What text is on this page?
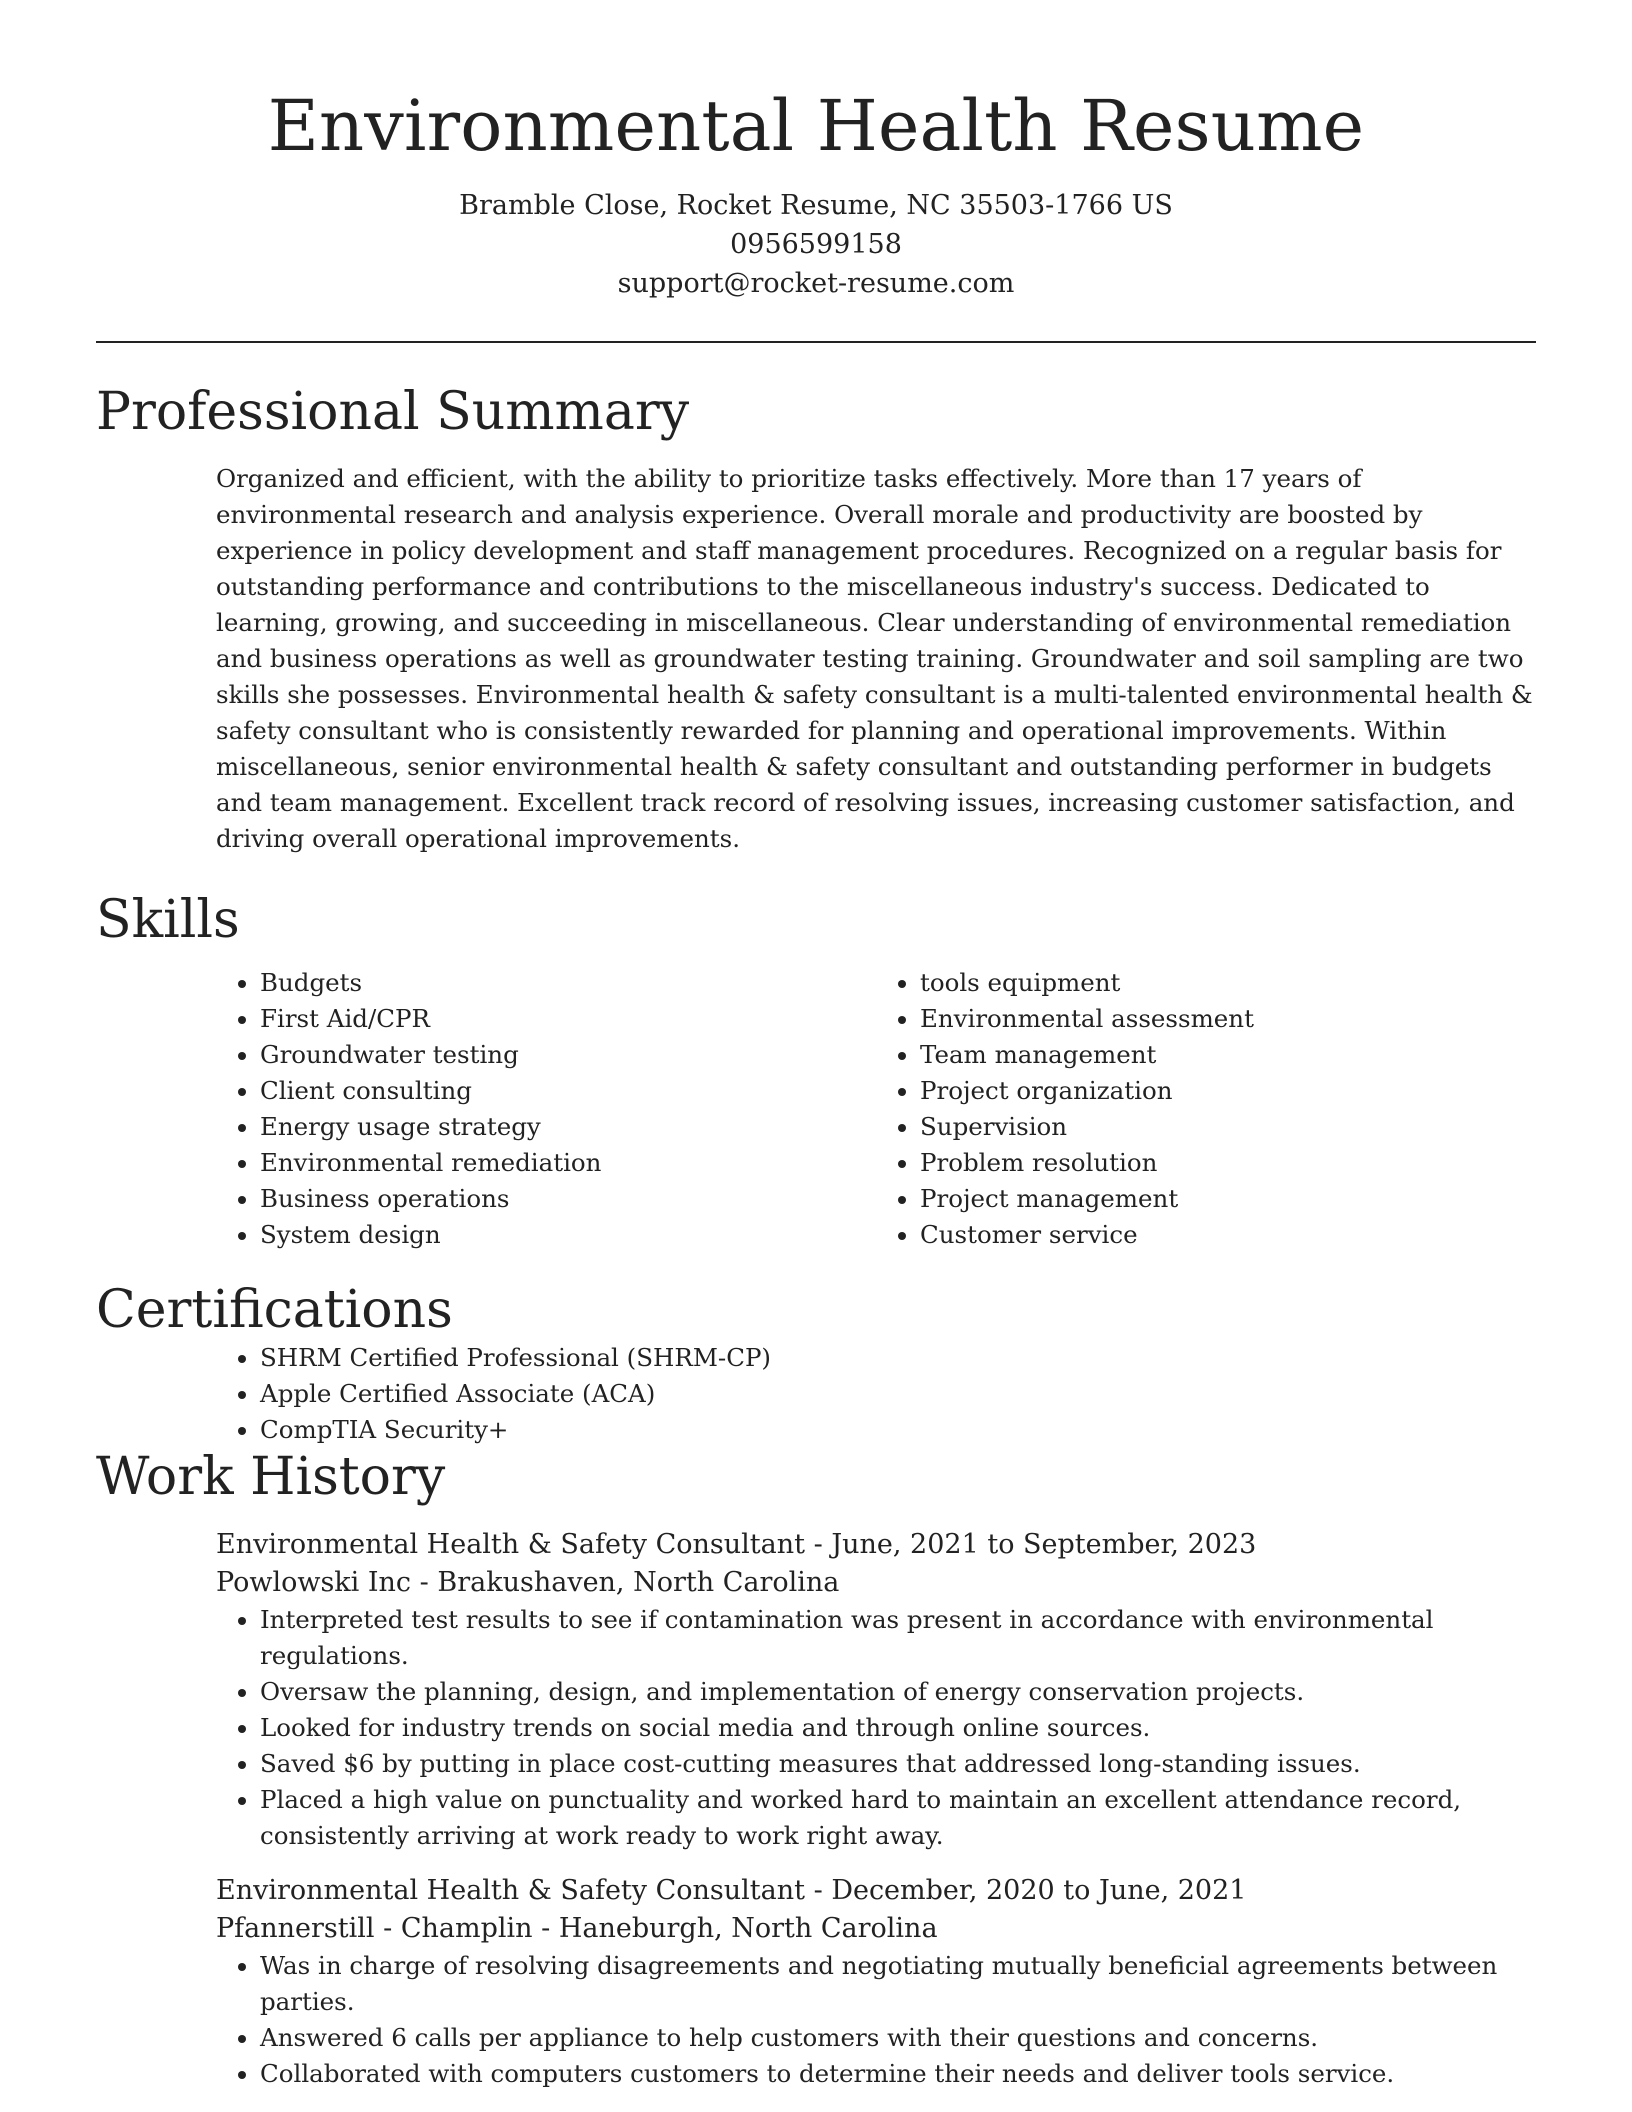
Environmental Health Resume
Bramble Close, Rocket Resume, NC 35503-1766 US
0956599158
support@rocket-resume.com
Professional Summary

Organized and efficient, with the ability to prioritize tasks effectively. More than 17 years of environmental research and analysis experience. Overall morale and productivity are boosted by experience in policy development and staff management procedures. Recognized on a regular basis for outstanding performance and contributions to the miscellaneous industry's success. Dedicated to learning, growing, and succeeding in miscellaneous. Clear understanding of environmental remediation and business operations as well as groundwater testing training. Groundwater and soil sampling are two skills she possesses. Environmental health & safety consultant is a multi-talented environmental health & safety consultant who is consistently rewarded for planning and operational improvements. Within miscellaneous, senior environmental health & safety consultant and outstanding performer in budgets and team management. Excellent track record of resolving issues, increasing customer satisfaction, and driving overall operational improvements.

Skills
• Budgets
• First Aid/CPR
• Groundwater testing
• Client consulting
• Energy usage strategy
• Environmental remediation
• Business operations
• System design
• tools equipment
• Environmental assessment
• Team management
• Project organization
• Supervision
• Problem resolution
• Project management
• Customer service
Certifications
• SHRM Certified Professional (SHRM-CP)
• Apple Certified Associate (ACA)
• CompTIA Security+
Work History
Environmental Health & Safety Consultant - June, 2021 to September, 2023
Powlowski Inc - Brakushaven, North Carolina
• Interpreted test results to see if contamination was present in accordance with environmental regulations.
• Oversaw the planning, design, and implementation of energy conservation projects.
• Looked for industry trends on social media and through online sources.
• Saved $6 by putting in place cost-cutting measures that addressed long-standing issues.
• Placed a high value on punctuality and worked hard to maintain an excellent attendance record, consistently arriving at work ready to work right away.
Environmental Health & Safety Consultant - December, 2020 to June, 2021
Pfannerstill - Champlin - Haneburgh, North Carolina
• Was in charge of resolving disagreements and negotiating mutually beneficial agreements between parties.
• Answered 6 calls per appliance to help customers with their questions and concerns.
• Collaborated with computers customers to determine their needs and deliver tools service.
